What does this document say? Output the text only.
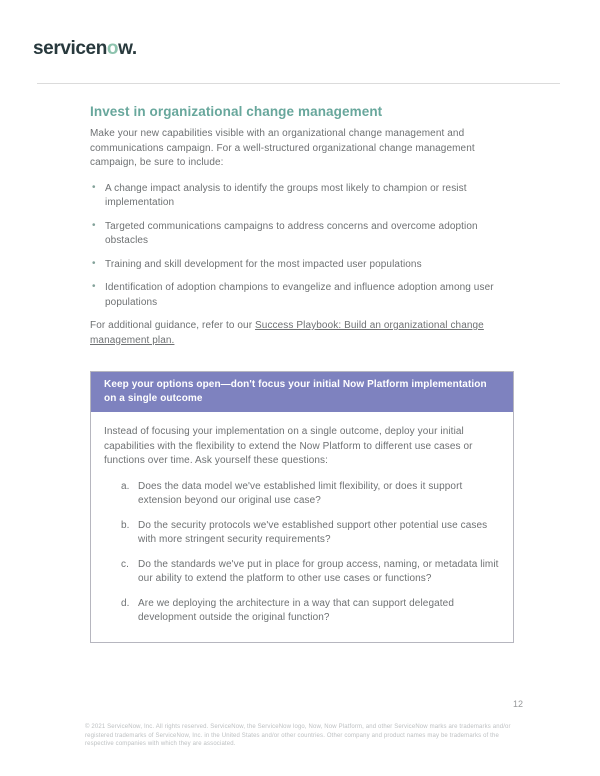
servicenow.
Invest in organizational change management

Make your new capabilities visible with an organizational change management and communications campaign. For a well-structured organizational change management campaign, be sure to include:

• A change impact analysis to identify the groups most likely to champion or resist implementation
• Targeted communications campaigns to address concerns and overcome adoption obstacles
• Training and skill development for the most impacted user populations
• Identification of adoption champions to evangelize and influence adoption among user populations

For additional guidance, refer to our Success Playbook: Build an organizational change management plan.

Keep your options open—don't focus your initial Now Platform implementation on a single outcome

Instead of focusing your implementation on a single outcome, deploy your initial capabilities with the flexibility to extend the Now Platform to different use cases or functions over time. Ask yourself these questions:

a. Does the data model we've established limit flexibility, or does it support extension beyond our original use case?
b. Do the security protocols we've established support other potential use cases with more stringent security requirements?
c. Do the standards we've put in place for group access, naming, or metadata limit our ability to extend the platform to other use cases or functions?
d. Are we deploying the architecture in a way that can support delegated development outside the original function?
12
© 2021 ServiceNow, Inc. All rights reserved. ServiceNow, the ServiceNow logo, Now, Now Platform, and other ServiceNow marks are trademarks and/or registered trademarks of ServiceNow, Inc. in the United States and/or other countries. Other company and product names may be trademarks of the respective companies with which they are associated.
